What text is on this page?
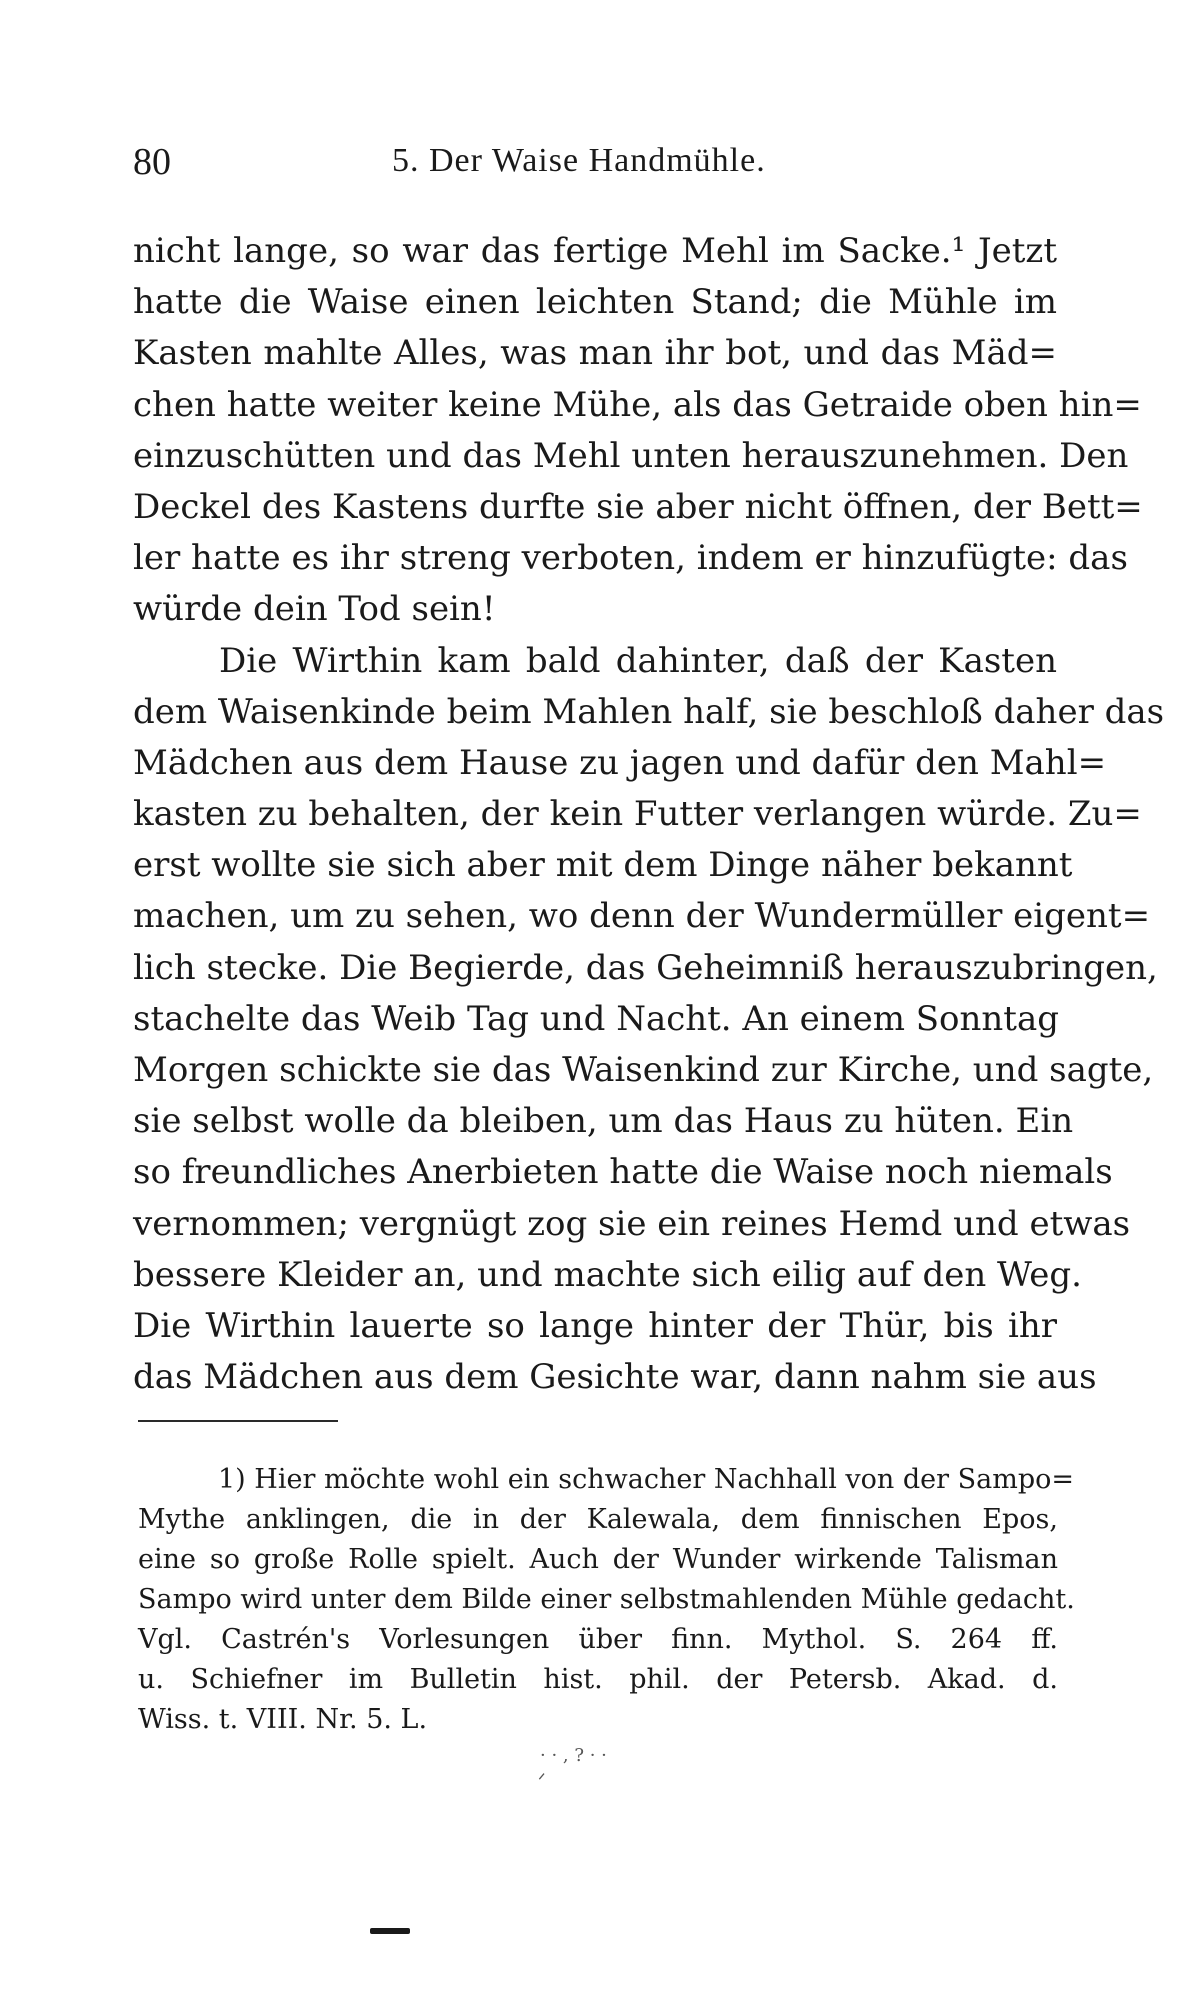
80	5. Der Waise Handmühle.
nicht lange, so war das fertige Mehl im Sacke.¹ Jetzt
hatte die Waise einen leichten Stand; die Mühle im
Kasten mahlte Alles, was man ihr bot, und das Mäd=
chen hatte weiter keine Mühe, als das Getraide oben hin=
einzuschütten und das Mehl unten herauszunehmen. Den
Deckel des Kastens durfte sie aber nicht öffnen, der Bett=
ler hatte es ihr streng verboten, indem er hinzufügte: das
würde dein Tod sein!
Die Wirthin kam bald dahinter, daß der Kasten
dem Waisenkinde beim Mahlen half, sie beschloß daher das
Mädchen aus dem Hause zu jagen und dafür den Mahl=
kasten zu behalten, der kein Futter verlangen würde. Zu=
erst wollte sie sich aber mit dem Dinge näher bekannt
machen, um zu sehen, wo denn der Wundermüller eigent=
lich stecke. Die Begierde, das Geheimniß herauszubringen,
stachelte das Weib Tag und Nacht. An einem Sonntag
Morgen schickte sie das Waisenkind zur Kirche, und sagte,
sie selbst wolle da bleiben, um das Haus zu hüten. Ein
so freundliches Anerbieten hatte die Waise noch niemals
vernommen; vergnügt zog sie ein reines Hemd und etwas
bessere Kleider an, und machte sich eilig auf den Weg.
Die Wirthin lauerte so lange hinter der Thür, bis ihr
das Mädchen aus dem Gesichte war, dann nahm sie aus
1) Hier möchte wohl ein schwacher Nachhall von der Sampo=
Mythe anklingen, die in der Kalewala, dem finnischen Epos,
eine so große Rolle spielt. Auch der Wunder wirkende Talisman
Sampo wird unter dem Bilde einer selbstmahlenden Mühle gedacht.
Vgl. Castrén's Vorlesungen über finn. Mythol. S. 264 ff.
u. Schiefner im Bulletin hist. phil. der Petersb. Akad. d.
Wiss. t. VIII. Nr. 5. L.
· · , ? · ·
ᐟ
